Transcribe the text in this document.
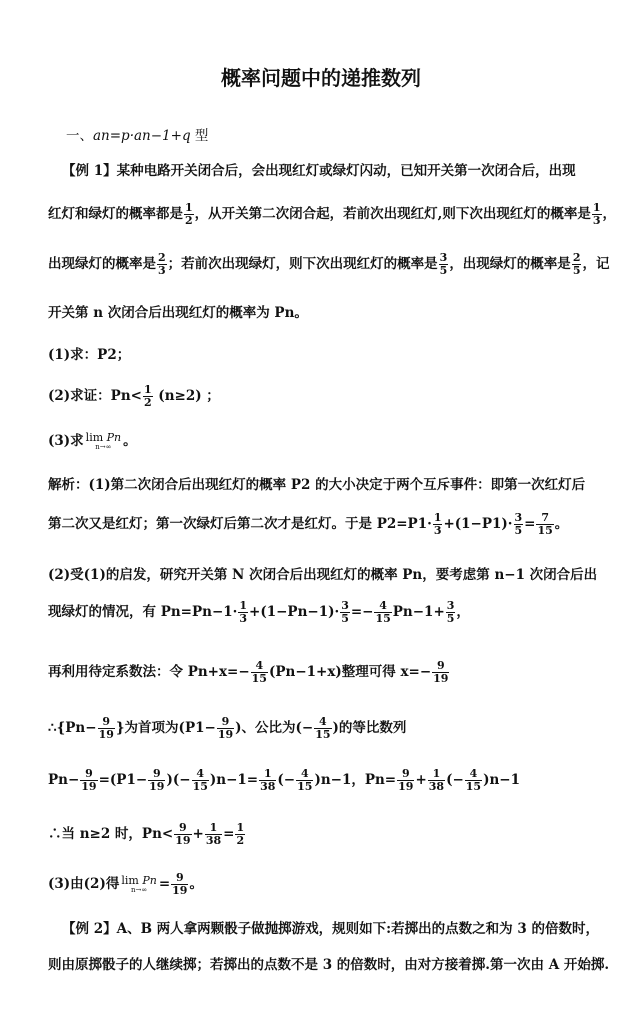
概率问题中的递推数列
一、an=p·an−1+q 型
【例 1】某种电路开关闭合后，会出现红灯或绿灯闪动，已知开关第一次闭合后，出现
红灯和绿灯的概率都是 $\frac{1}{2}$ ，从开关第二次闭合起，若前次出现红灯,则下次出现红灯的概率是 $\frac{1}{3}$ ，
出现绿灯的概率是 $\frac{2}{3}$ ；若前次出现绿灯，则下次出现红灯的概率是 $\frac{3}{5}$ ，出现绿灯的概率是 $\frac{2}{5}$ ，记
开关第 n 次闭合后出现红灯的概率为 Pn。
(1)求：P2；
(2)求证：$Pn< \frac{1}{2} (n\ge 2)$ ；
(3)求 lim Pn
n→∞ 。
解析：(1)第二次闭合后出现红灯的概率 P2 的大小决定于两个互斥事件：即第一次红灯后
第二次又是红灯；第一次绿灯后第二次才是红灯。于是 $P2=P1\cdot \frac{1}{3} +(1-P1)\cdot \frac{3}{5} = \frac{7}{15}$ 。
(2)受(1)的启发，研究开关第 N 次闭合后出现红灯的概率 Pn，要考虑第 n−1 次闭合后出
现绿灯的情况，有 $Pn=Pn-1\cdot \frac{1}{3} +(1-Pn-1)\cdot \frac{3}{5} =- \frac{4}{15} Pn-1+ \frac{3}{5}$ ，
再利用待定系数法：令 $Pn+x=- \frac{4}{15} (Pn-1+x)$整理可得 $x=- \frac{9}{19}$
∴{Pn− $\frac{9}{19}$ }为首项为($P1- \frac{9}{19}$ )、公比为(− $\frac{4}{15}$ )的等比数列
$Pn- \frac{9}{19} =(P1- \frac{9}{19}$ )(− $\frac{4}{15} )n-1= \frac{1}{38}$ (− $\frac{4}{15} )n-1$，$Pn= \frac{9}{19} + \frac{1}{38}$ (− $\frac{4}{15} )n-1$
∴当 n≥2 时，$Pn< \frac{9}{19} + \frac{1}{38} = \frac{1}{2}$
(3)由(2)得 lim Pn
$n\to\infty = \frac{9}{19}$ 。
【例 2】A、B 两人拿两颗骰子做抛掷游戏，规则如下:若掷出的点数之和为 3 的倍数时，
则由原掷骰子的人继续掷；若掷出的点数不是 3 的倍数时，由对方接着掷.第一次由 A 开始掷.
